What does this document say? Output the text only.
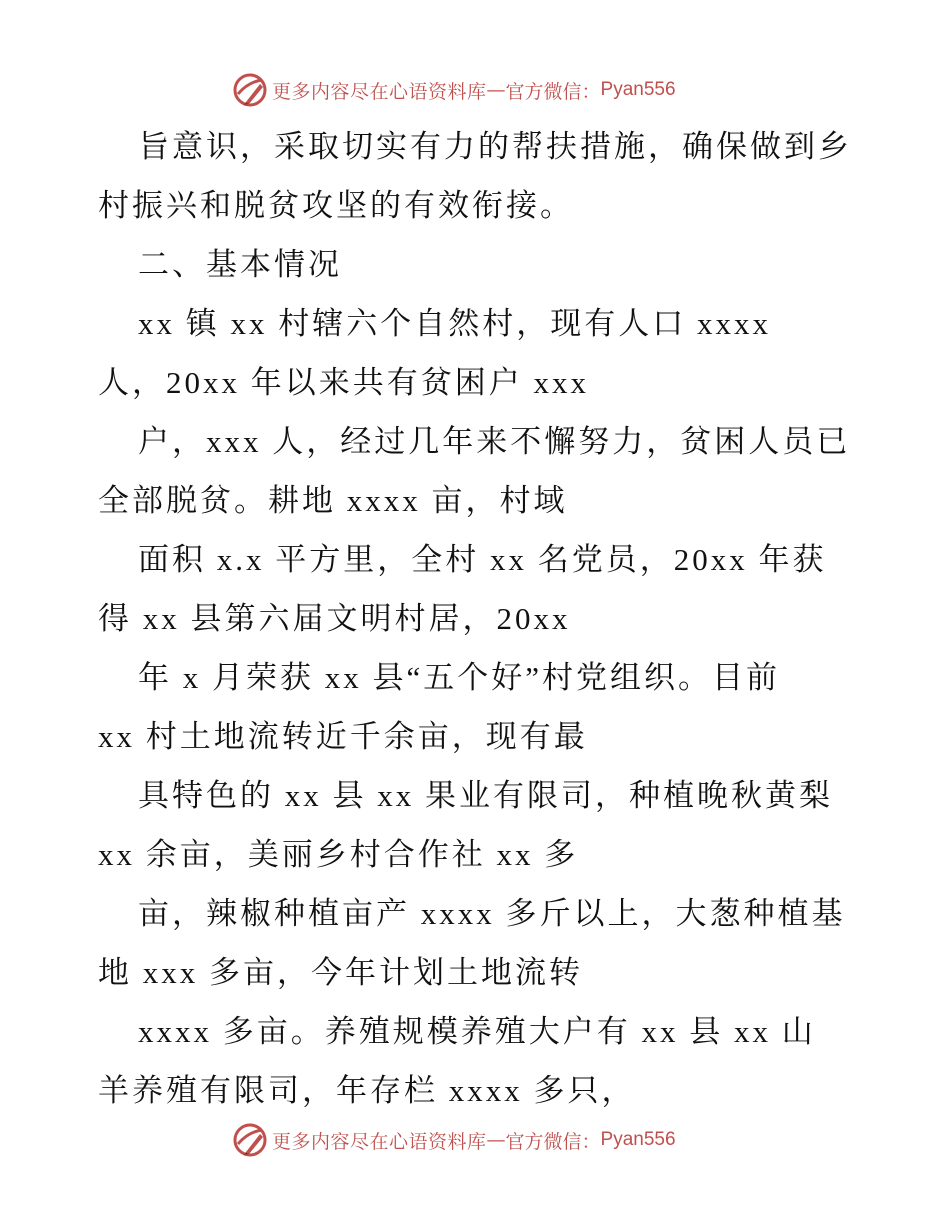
更多内容尽在心语资料库 — 官方微信： Pyan556
旨意识，采取切实有力的帮扶措施，确保做到乡
村振兴和脱贫攻坚的有效衔接。
二、基本情况
xx 镇 xx 村辖六个自然村，现有人口 xxxx
人，20xx 年以来共有贫困户 xxx
户，xxx 人，经过几年来不懈努力，贫困人员已
全部脱贫。耕地 xxxx 亩，村域
面积 x.x 平方里，全村 xx 名党员，20xx 年获
得 xx 县第六届文明村居，20xx
年 x 月荣获 xx 县“五个好”村党组织。目前
xx 村土地流转近千余亩，现有最
具特色的 xx 县 xx 果业有限司，种植晚秋黄梨
xx 余亩，美丽乡村合作社 xx 多
亩，辣椒种植亩产 xxxx 多斤以上，大葱种植基
地 xxx 多亩，今年计划土地流转
xxxx 多亩。养殖规模养殖大户有 xx 县 xx 山
羊养殖有限司，年存栏 xxxx 多只，
更多内容尽在心语资料库 — 官方微信： Pyan556
